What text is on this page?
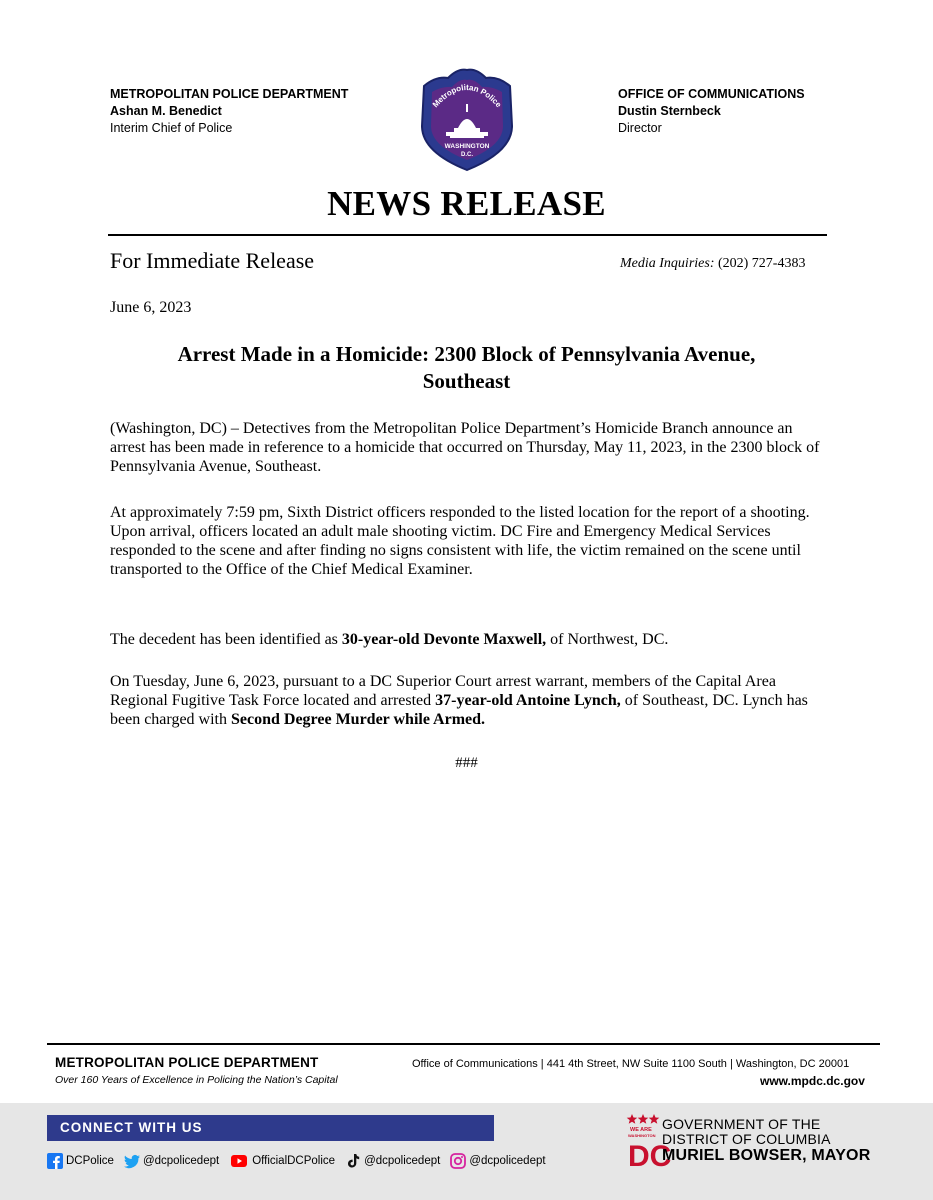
METROPOLITAN POLICE DEPARTMENT
Ashan M. Benedict
Interim Chief of Police
Metropolitan Police
WASHINGTON
D.C.
OFFICE OF COMMUNICATIONS
Dustin Sternbeck
Director
NEWS RELEASE
For Immediate Release	Media Inquiries: (202) 727-4383
June 6, 2023
Arrest Made in a Homicide: 2300 Block of Pennsylvania Avenue,
Southeast
(Washington, DC) – Detectives from the Metropolitan Police Department’s Homicide Branch announce an arrest has been made in reference to a homicide that occurred on Thursday, May 11, 2023, in the 2300 block of Pennsylvania Avenue, Southeast.
At approximately 7:59 pm, Sixth District officers responded to the listed location for the report of a shooting. Upon arrival, officers located an adult male shooting victim. DC Fire and Emergency Medical Services responded to the scene and after finding no signs consistent with life, the victim remained on the scene until transported to the Office of the Chief Medical Examiner.
The decedent has been identified as 30-year-old Devonte Maxwell, of Northwest, DC.
On Tuesday, June 6, 2023, pursuant to a DC Superior Court arrest warrant, members of the Capital Area Regional Fugitive Task Force located and arrested 37-year-old Antoine Lynch, of Southeast, DC. Lynch has been charged with Second Degree Murder while Armed.
###
METROPOLITAN POLICE DEPARTMENT
Over 160 Years of Excellence in Policing the Nation’s Capital
Office of Communications | 441 4th Street, NW Suite 1100 South | Washington, DC 20001
www.mpdc.dc.gov
CONNECT WITH US
DCPolice	@dcpolicedept	OfficialDCPolice	@dcpolicedept	@dcpolicedept
WE ARE
WASHINGTON
DC
GOVERNMENT OF THE
DISTRICT OF COLUMBIA
MURIEL BOWSER, MAYOR
